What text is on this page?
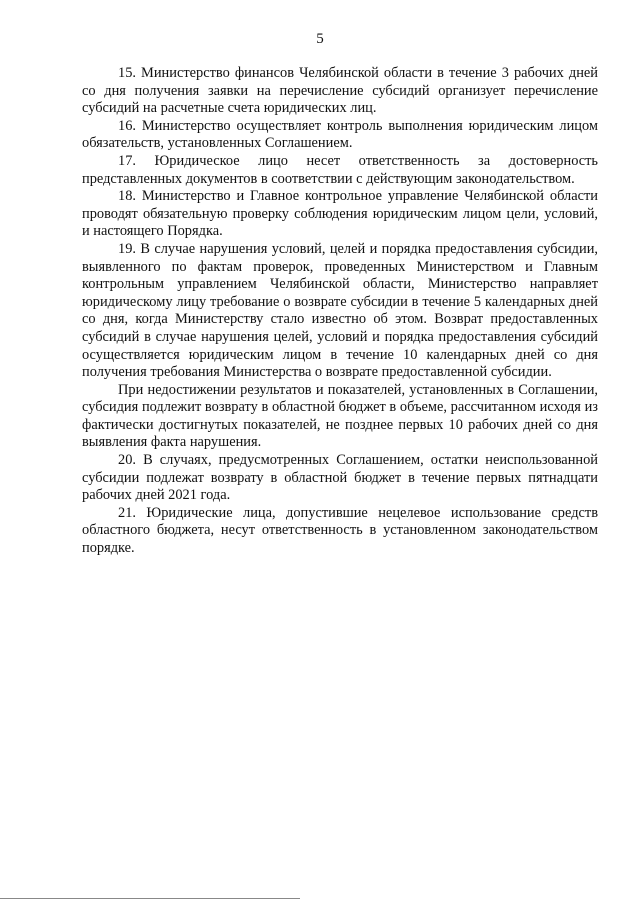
5

15. Министерство финансов Челябинской области в течение 3 рабочих дней со дня получения заявки на перечисление субсидий организует перечисление субсидий на расчетные счета юридических лиц.

16. Министерство осуществляет контроль выполнения юридическим лицом обязательств, установленных Соглашением.

17. Юридическое лицо несет ответственность за достоверность представленных документов в соответствии с действующим законодательством.

18. Министерство и Главное контрольное управление Челябинской области проводят обязательную проверку соблюдения юридическим лицом цели, условий, и настоящего Порядка.

19. В случае нарушения условий, целей и порядка предоставления субсидии, выявленного по фактам проверок, проведенных Министерством и Главным контрольным управлением Челябинской области, Министерство направляет юридическому лицу требование о возврате субсидии в течение 5 календарных дней со дня, когда Министерству стало известно об этом. Возврат предоставленных субсидий в случае нарушения целей, условий и порядка предоставления субсидий осуществляется юридическим лицом в течение 10 календарных дней со дня получения требования Министерства о возврате предоставленной субсидии.

При недостижении результатов и показателей, установленных в Соглашении, субсидия подлежит возврату в областной бюджет в объеме, рассчитанном исходя из фактически достигнутых показателей, не позднее первых 10 рабочих дней со дня выявления факта нарушения.

20. В случаях, предусмотренных Соглашением, остатки неиспользованной субсидии подлежат возврату в областной бюджет в течение первых пятнадцати рабочих дней 2021 года.

21. Юридические лица, допустившие нецелевое использование средств областного бюджета, несут ответственность в установленном законодательством порядке.
